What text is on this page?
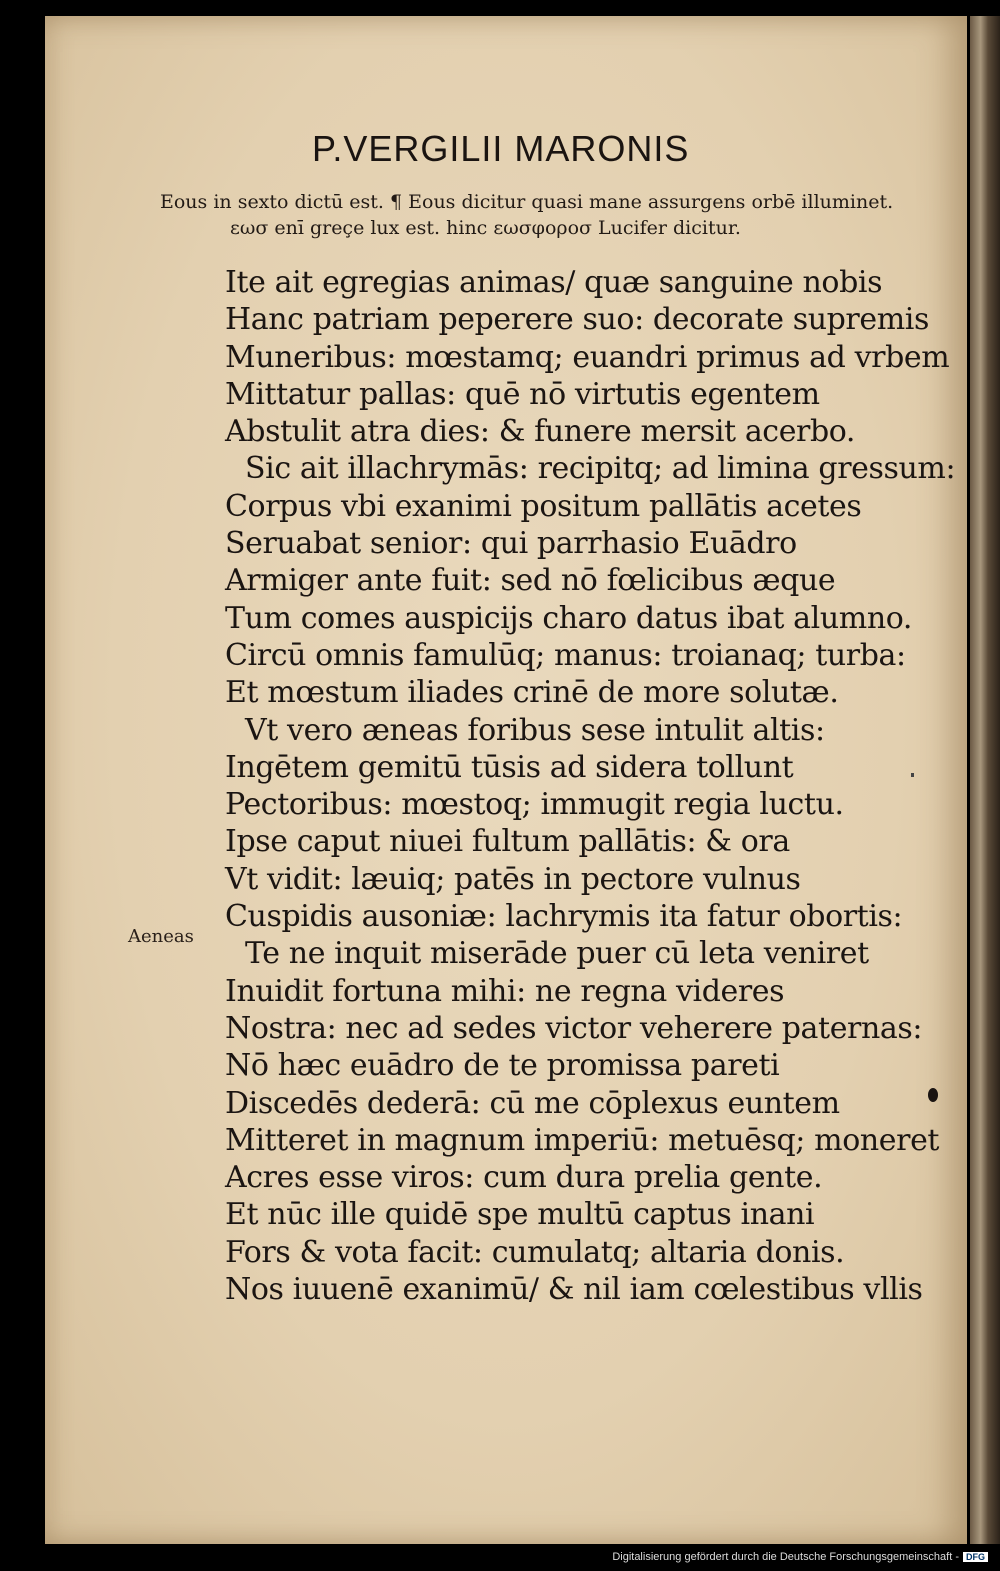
P.VERGILII MARONIS
Eous in sexto dictū est. ¶ Eous dicitur quasi mane assurgens orbē illuminet.
εωσ enī greçe lux est. hinc εωσφοροσ Lucifer dicitur.
Aeneas
Ite ait egregias animas/ quæ sanguine nobis
Hanc patriam peperere suo: decorate supremis
Muneribus: mœstamq; euandri primus ad vrbem
Mittatur pallas: quē nō virtutis egentem
Abstulit atra dies: & funere mersit acerbo.
Sic ait illachrymās: recipitq; ad limina gressum:
Corpus vbi exanimi positum pallātis acetes
Seruabat senior: qui parrhasio Euādro
Armiger ante fuit: sed nō fœlicibus æque
Tum comes auspicijs charo datus ibat alumno.
Circū omnis famulūq; manus: troianaq; turba:
Et mœstum iliades crinē de more solutæ.
Vt vero æneas foribus sese intulit altis:
Ingētem gemitū tūsis ad sidera tollunt
Pectoribus: mœstoq; immugit regia luctu.
Ipse caput niuei fultum pallātis: & ora
Vt vidit: læuiq; patēs in pectore vulnus
Cuspidis ausoniæ: lachrymis ita fatur obortis:
Te ne inquit miserāde puer cū leta veniret
Inuidit fortuna mihi: ne regna videres
Nostra: nec ad sedes victor veherere paternas:
Nō hæc euādro de te promissa pareti
Discedēs dederā: cū me cōplexus euntem
Mitteret in magnum imperiū: metuēsq; moneret
Acres esse viros: cum dura prelia gente.
Et nūc ille quidē spe multū captus inani
Fors & vota facit: cumulatq; altaria donis.
Nos iuuenē exanimū/ & nil iam cœlestibus vllis
Digitalisierung gefördert durch die Deutsche Forschungsgemeinschaft - DFG
